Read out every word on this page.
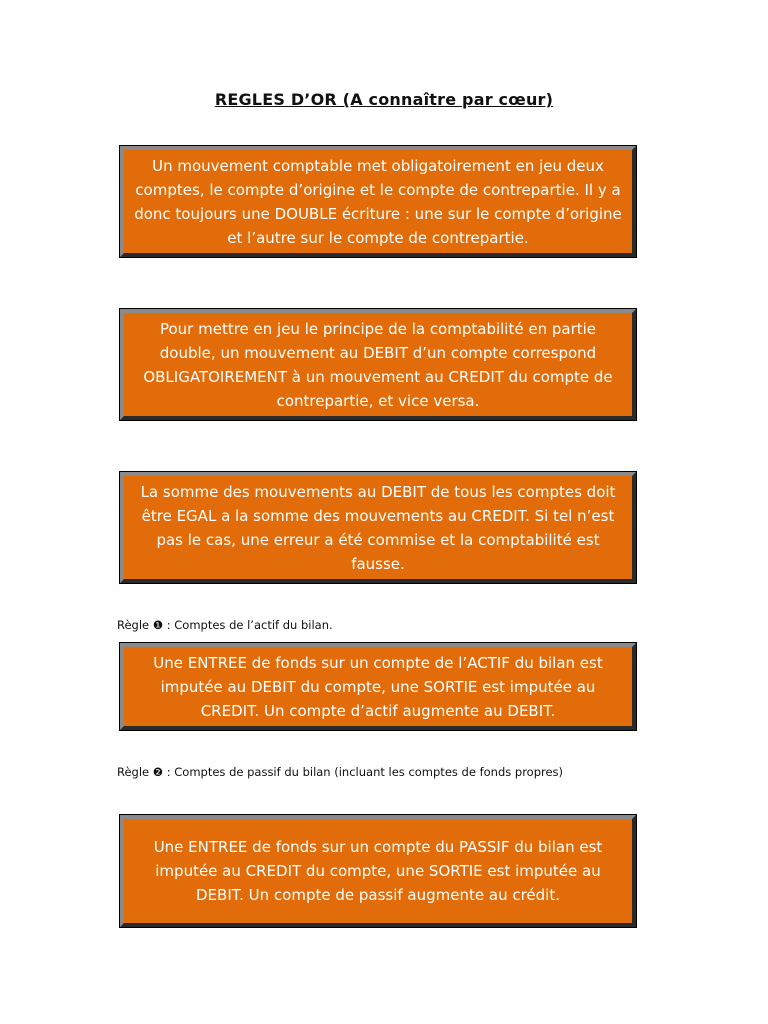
REGLES D’OR (A connaître par cœur)
Un mouvement comptable met obligatoirement en jeu deux comptes, le compte d’origine et le compte de contrepartie. Il y a donc toujours une DOUBLE écriture : une sur le compte d’origine et l’autre sur le compte de contrepartie.
Pour mettre en jeu le principe de la comptabilité en partie double, un mouvement au DEBIT d’un compte correspond OBLIGATOIREMENT à un mouvement au CREDIT du compte de contrepartie, et vice versa.
La somme des mouvements au DEBIT de tous les comptes doit être EGAL a la somme des mouvements au CREDIT. Si tel n’est pas le cas, une erreur a été commise et la comptabilité est fausse.
Règle ❶ : Comptes de l’actif du bilan.
Une ENTREE de fonds sur un compte de l’ACTIF du bilan est imputée au DEBIT du compte, une SORTIE est imputée au CREDIT. Un compte d’actif augmente au DEBIT.
Règle ❷ : Comptes de passif du bilan (incluant les comptes de fonds propres)
Une ENTREE de fonds sur un compte du PASSIF du bilan est imputée au CREDIT du compte, une SORTIE est imputée au DEBIT. Un compte de passif augmente au crédit.
